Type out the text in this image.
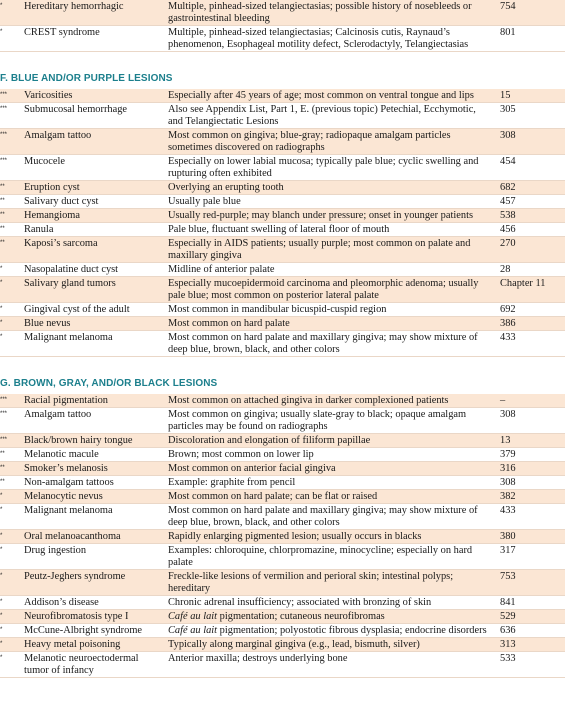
*	Hereditary hemorrhagic	Multiple, pinhead-sized telangiectasias; possible history of nosebleeds or gastrointestinal bleeding	754
*	CREST syndrome	Multiple, pinhead-sized telangiectasias; Calcinosis cutis, Raynaud’s phenomenon, Esophageal motility defect, Sclerodactyly, Telangiectasias	801

F. BLUE AND/OR PURPLE LESIONS			
***	Varicosities	Especially after 45 years of age; most common on ventral tongue and lips	15
***	Submucosal hemorrhage	Also see Appendix List, Part 1, E. (previous topic) Petechial, Ecchymotic, and Telangiectatic Lesions	305
***	Amalgam tattoo	Most common on gingiva; blue-gray; radiopaque amalgam particles sometimes discovered on radiographs	308
***	Mucocele	Especially on lower labial mucosa; typically pale blue; cyclic swelling and rupturing often exhibited	454
**	Eruption cyst	Overlying an erupting tooth	682
**	Salivary duct cyst	Usually pale blue	457
**	Hemangioma	Usually red-purple; may blanch under pressure; onset in younger patients	538
**	Ranula	Pale blue, fluctuant swelling of lateral floor of mouth	456
**	Kaposi’s sarcoma	Especially in AIDS patients; usually purple; most common on palate and maxillary gingiva	270
*	Nasopalatine duct cyst	Midline of anterior palate	28
*	Salivary gland tumors	Especially mucoepidermoid carcinoma and pleomorphic adenoma; usually pale blue; most common on posterior lateral palate	Chapter 11
*	Gingival cyst of the adult	Most common in mandibular bicuspid-cuspid region	692
*	Blue nevus	Most common on hard palate	386
*	Malignant melanoma	Most common on hard palate and maxillary gingiva; may show mixture of deep blue, brown, black, and other colors	433

G. BROWN, GRAY, AND/OR BLACK LESIONS			
***	Racial pigmentation	Most common on attached gingiva in darker complexioned patients	–
***	Amalgam tattoo	Most common on gingiva; usually slate-gray to black; opaque amalgam particles may be found on radiographs	308
***	Black/brown hairy tongue	Discoloration and elongation of filiform papillae	13
**	Melanotic macule	Brown; most common on lower lip	379
**	Smoker’s melanosis	Most common on anterior facial gingiva	316
**	Non-amalgam tattoos	Example: graphite from pencil	308
*	Melanocytic nevus	Most common on hard palate; can be flat or raised	382
*	Malignant melanoma	Most common on hard palate and maxillary gingiva; may show mixture of deep blue, brown, black, and other colors	433
*	Oral melanoacanthoma	Rapidly enlarging pigmented lesion; usually occurs in blacks	380
*	Drug ingestion	Examples: chloroquine, chlorpromazine, minocycline; especially on hard palate	317
*	Peutz-Jeghers syndrome	Freckle-like lesions of vermilion and perioral skin; intestinal polyps; hereditary	753
*	Addison’s disease	Chronic adrenal insufficiency; associated with bronzing of skin	841
*	Neurofibromatosis type I	Café au lait pigmentation; cutaneous neurofibromas	529
*	McCune-Albright syndrome	Café au lait pigmentation; polyostotic fibrous dysplasia; endocrine disorders	636
*	Heavy metal poisoning	Typically along marginal gingiva (e.g., lead, bismuth, silver)	313
*	Melanotic neuroectodermal tumor of infancy	Anterior maxilla; destroys underlying bone	533
